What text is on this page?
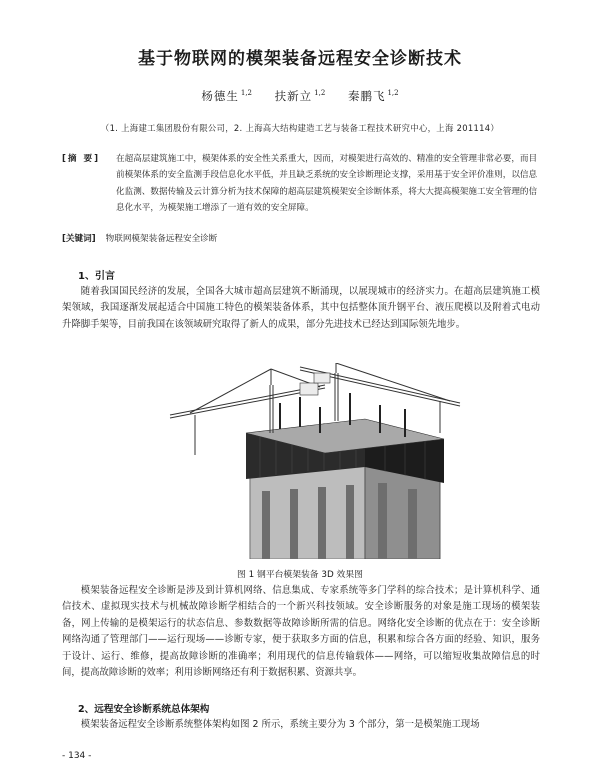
基于物联网的模架装备远程安全诊断技术
杨德生 $^{1,2}$ 扶新立 $^{1,2}$ 秦鹏飞 $^{1,2}$
（1. 上海建工集团股份有限公司，2. 上海高大结构建造工艺与装备工程技术研究中心，上海 201114）
[摘 要]	在超高层建筑施工中，模架体系的安全性关系重大，因而，对模架进行高效的、精准的安全管理非常必要，而目前模架体系的安全监测手段信息化水平低，并且缺乏系统的安全诊断理论支撑，采用基于安全评价准则，以信息化监测、数据传输及云计算分析为技术保障的超高层建筑模架安全诊断体系，将大大提高模架施工安全管理的信息化水平，为模架施工增添了一道有效的安全屏障。
[关键词] 物联网模架装备远程安全诊断
1、引言
随着我国国民经济的发展，全国各大城市超高层建筑不断涌现，以展现城市的经济实力。在超高层建筑施工模架领域，我国逐渐发展起适合中国施工特色的模架装备体系，其中包括整体顶升钢平台、液压爬模以及附着式电动升降脚手架等，目前我国在该领域研究取得了新人的成果，部分先进技术已经达到国际领先地步。
图 1 钢平台模架装备 3D 效果图
模架装备远程安全诊断是涉及到计算机网络、信息集成、专家系统等多门学科的综合技术；是计算机科学、通信技术、虚拟现实技术与机械故障诊断学相结合的一个新兴科技领域。安全诊断服务的对象是施工现场的模架装备，网上传输的是模架运行的状态信息、参数数据等故障诊断所需的信息。网络化安全诊断的优点在于：安全诊断网络沟通了管理部门——运行现场——诊断专家，便于获取多方面的信息，积累和综合各方面的经验、知识，服务于设计、运行、维修，提高故障诊断的准确率；利用现代的信息传输载体——网络，可以缩短收集故障信息的时间，提高故障诊断的效率；利用诊断网络还有利于数据积累、资源共享。
2、远程安全诊断系统总体架构
模架装备远程安全诊断系统整体架构如图 2 所示，系统主要分为 3 个部分，第一是模架施工现场
- 134 -
